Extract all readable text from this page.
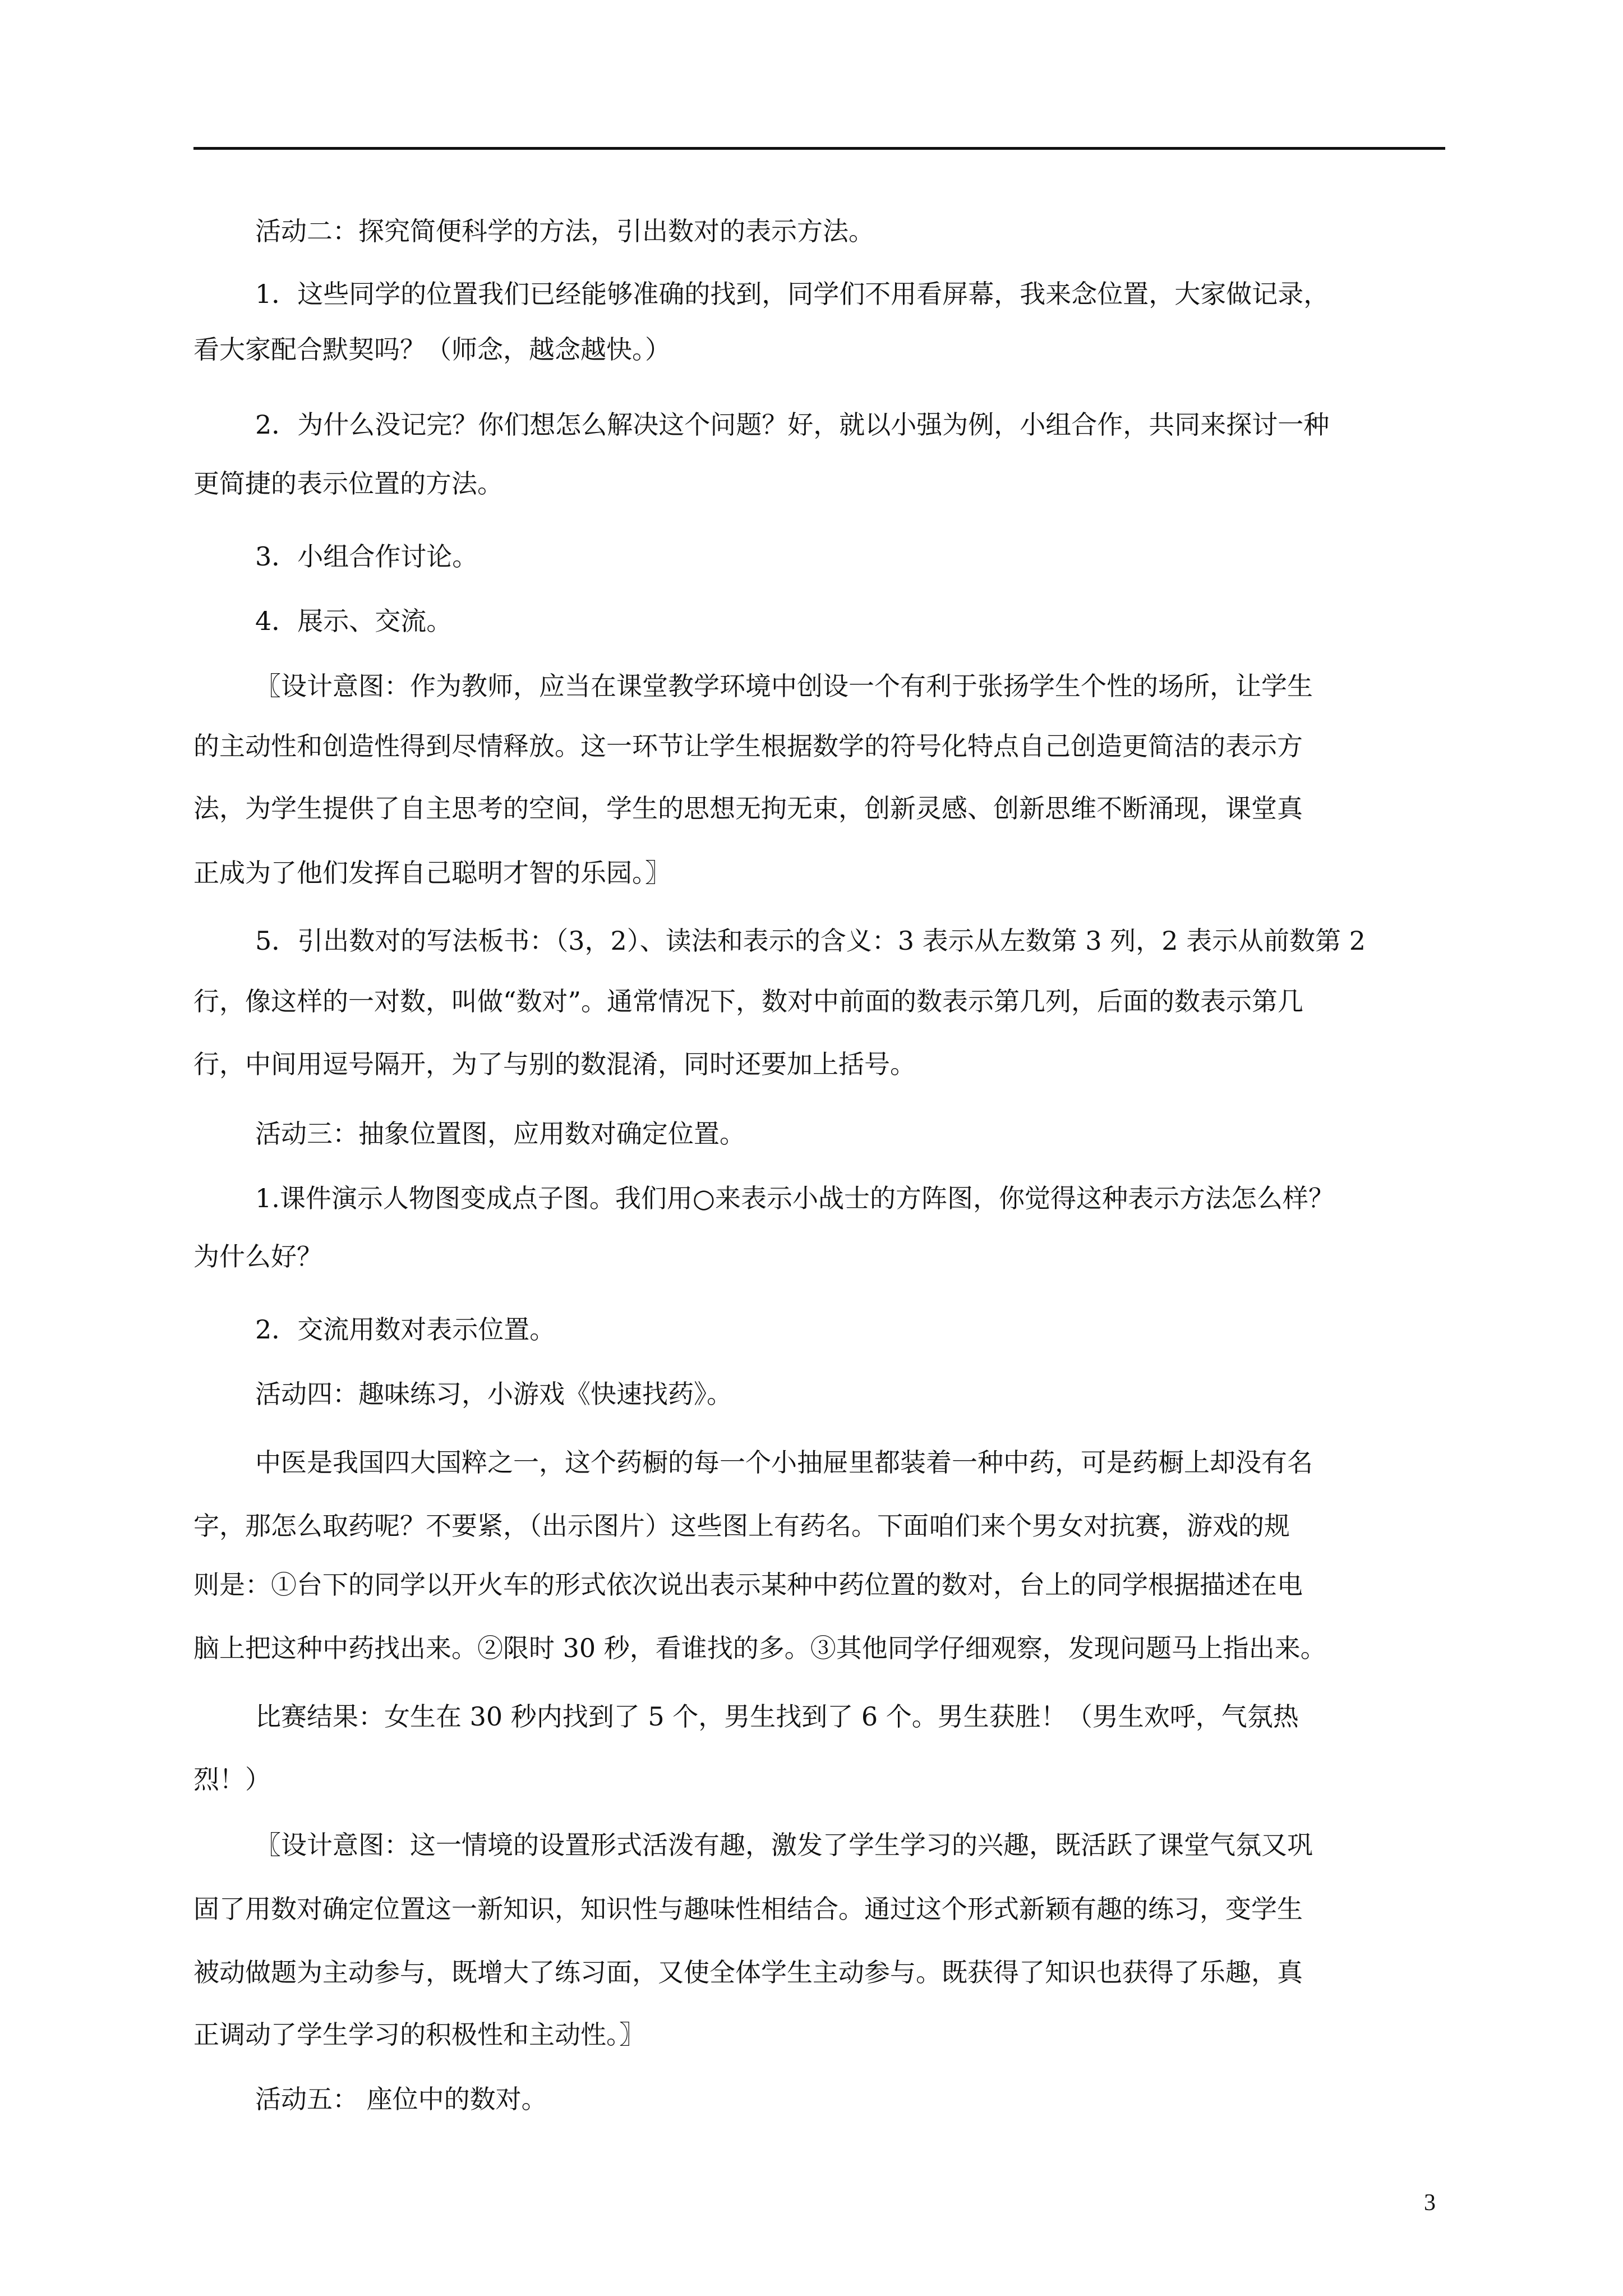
活动二：探究简便科学的方法，引出数对的表示方法。

1．这些同学的位置我们已经能够准确的找到，同学们不用看屏幕，我来念位置，大家做记录，

看大家配合默契吗？（师念，越念越快。）

2．为什么没记完？你们想怎么解决这个问题？好，就以小强为例，小组合作，共同来探讨一种

更简捷的表示位置的方法。

3．小组合作讨论。

4．展示、交流。

〖设计意图：作为教师，应当在课堂教学环境中创设一个有利于张扬学生个性的场所，让学生

的主动性和创造性得到尽情释放。这一环节让学生根据数学的符号化特点自己创造更简洁的表示方

法，为学生提供了自主思考的空间，学生的思想无拘无束，创新灵感、创新思维不断涌现，课堂真

正成为了他们发挥自己聪明才智的乐园。〗

5．引出数对的写法板书：（3，2）、读法和表示的含义：3 表示从左数第 3 列，2 表示从前数第 2

行，像这样的一对数，叫做“数对”。通常情况下，数对中前面的数表示第几列，后面的数表示第几

行，中间用逗号隔开，为了与别的数混淆，同时还要加上括号。

活动三：抽象位置图，应用数对确定位置。

1.课件演示人物图变成点子图。我们用○来表示小战士的方阵图，你觉得这种表示方法怎么样？

为什么好？

2．交流用数对表示位置。

活动四：趣味练习，小游戏《快速找药》。

中医是我国四大国粹之一，这个药橱的每一个小抽屉里都装着一种中药，可是药橱上却没有名

字，那怎么取药呢？不要紧，（出示图片）这些图上有药名。下面咱们来个男女对抗赛，游戏的规

则是：①台下的同学以开火车的形式依次说出表示某种中药位置的数对，台上的同学根据描述在电

脑上把这种中药找出来。②限时 30 秒，看谁找的多。③其他同学仔细观察，发现问题马上指出来。

比赛结果：女生在 30 秒内找到了 5 个，男生找到了 6 个。男生获胜！（男生欢呼，气氛热

烈！）

〖设计意图：这一情境的设置形式活泼有趣，激发了学生学习的兴趣，既活跃了课堂气氛又巩

固了用数对确定位置这一新知识，知识性与趣味性相结合。通过这个形式新颖有趣的练习，变学生

被动做题为主动参与，既增大了练习面，又使全体学生主动参与。既获得了知识也获得了乐趣，真

正调动了学生学习的积极性和主动性。〗

活动五： 座位中的数对。

3
